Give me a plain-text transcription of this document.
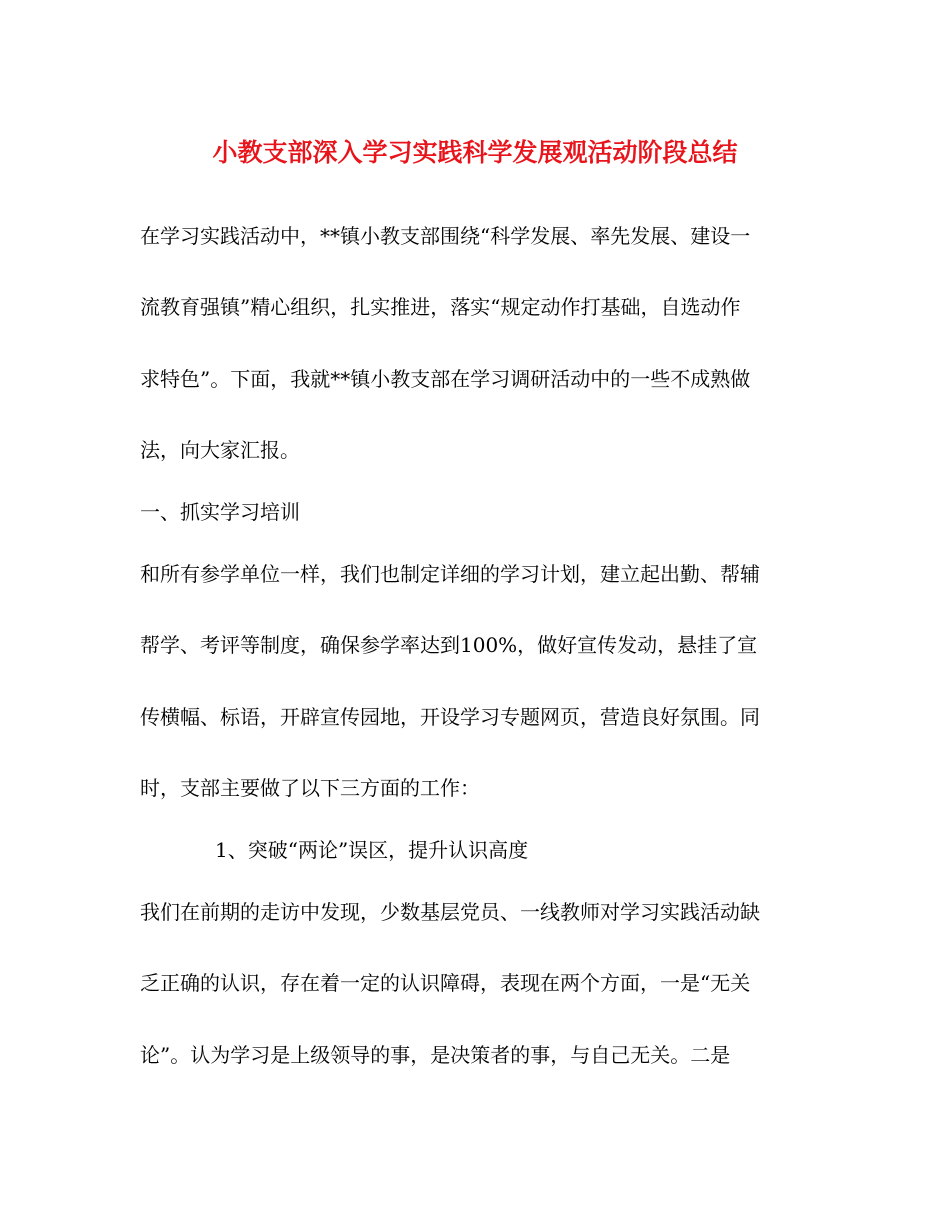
小教支部深入学习实践科学发展观活动阶段总结
在学习实践活动中，**镇小教支部围绕“科学发展、率先发展、建设一
流教育强镇”精心组织，扎实推进，落实“规定动作打基础，自选动作
求特色”。下面，我就**镇小教支部在学习调研活动中的一些不成熟做
法，向大家汇报。
一、抓实学习培训
和所有参学单位一样，我们也制定详细的学习计划，建立起出勤、帮辅
帮学、考评等制度，确保参学率达到100%，做好宣传发动，悬挂了宣
传横幅、标语，开辟宣传园地，开设学习专题网页，营造良好氛围。同
时，支部主要做了以下三方面的工作：
1、突破“两论”误区，提升认识高度
我们在前期的走访中发现，少数基层党员、一线教师对学习实践活动缺
乏正确的认识，存在着一定的认识障碍，表现在两个方面，一是“无关
论”。认为学习是上级领导的事，是决策者的事，与自己无关。二是
